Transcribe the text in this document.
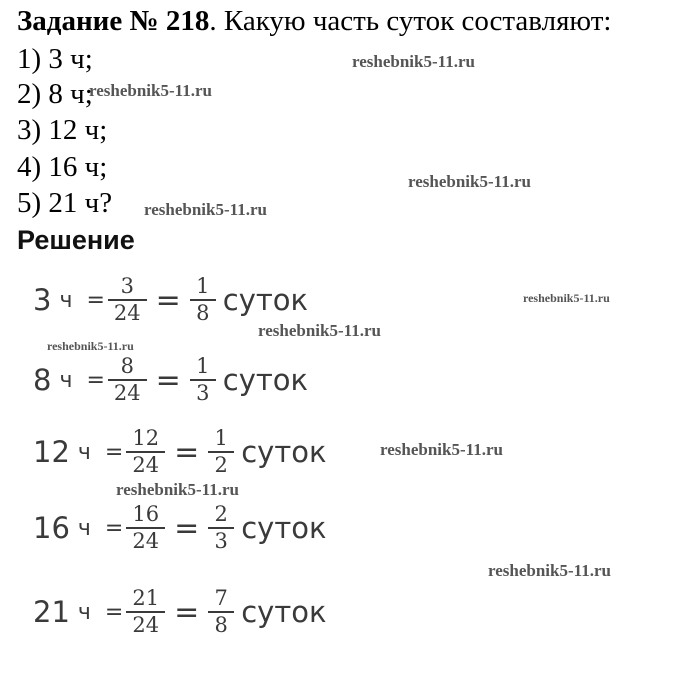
Задание № 218. Какую часть суток составляют:
1) 3 ч;
2) 8 ч;
3) 12 ч;
4) 16 ч;
5) 21 ч?
Решение
3 $ч = \frac{3}{24} = \frac{1}{8}$ суток
8 $ч = \frac{8}{24} = \frac{1}{3}$ суток
12 $ч = \frac{12}{24} = \frac{1}{2}$ суток
16 $ч = \frac{16}{24} = \frac{2}{3}$ суток
21 $ч = \frac{21}{24} = \frac{7}{8}$ суток
reshebnik5-11.ru
reshebnik5-11.ru
reshebnik5-11.ru
reshebnik5-11.ru
reshebnik5-11.ru
reshebnik5-11.ru
reshebnik5-11.ru
reshebnik5-11.ru
reshebnik5-11.ru
reshebnik5-11.ru
